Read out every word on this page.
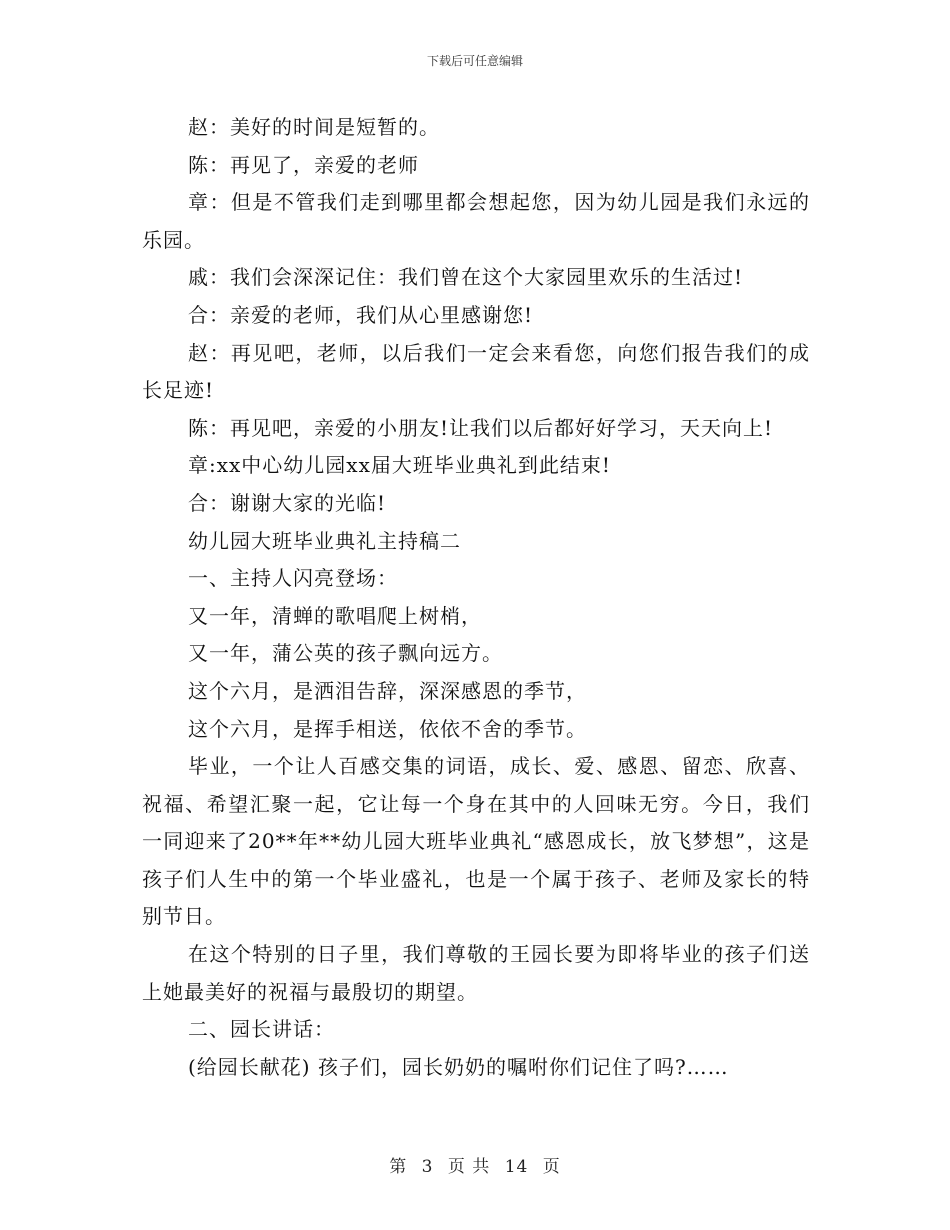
下载后可任意编辑

赵：美好的时间是短暂的。

陈：再见了，亲爱的老师

章：但是不管我们走到哪里都会想起您，因为幼儿园是我们永远的乐园。

戚：我们会深深记住：我们曾在这个大家园里欢乐的生活过!

合：亲爱的老师，我们从心里感谢您!

赵：再见吧，老师，以后我们一定会来看您，向您们报告我们的成长足迹!

陈：再见吧，亲爱的小朋友!让我们以后都好好学习，天天向上!

章:xx中心幼儿园xx届大班毕业典礼到此结束!

合：谢谢大家的光临!

幼儿园大班毕业典礼主持稿二

一、主持人闪亮登场：

又一年，清蝉的歌唱爬上树梢，

又一年，蒲公英的孩子飘向远方。

这个六月，是洒泪告辞，深深感恩的季节，

这个六月，是挥手相送，依依不舍的季节。

毕业，一个让人百感交集的词语，成长、爱、感恩、留恋、欣喜、祝福、希望汇聚一起，它让每一个身在其中的人回味无穷。今日，我们一同迎来了20**年**幼儿园大班毕业典礼“感恩成长，放飞梦想”，这是孩子们人生中的第一个毕业盛礼，也是一个属于孩子、老师及家长的特别节日。

在这个特别的日子里，我们尊敬的王园长要为即将毕业的孩子们送上她最美好的祝福与最殷切的期望。

二、园长讲话：

(给园长献花) 孩子们，园长奶奶的嘱咐你们记住了吗?……

第 3 页 共 14 页
